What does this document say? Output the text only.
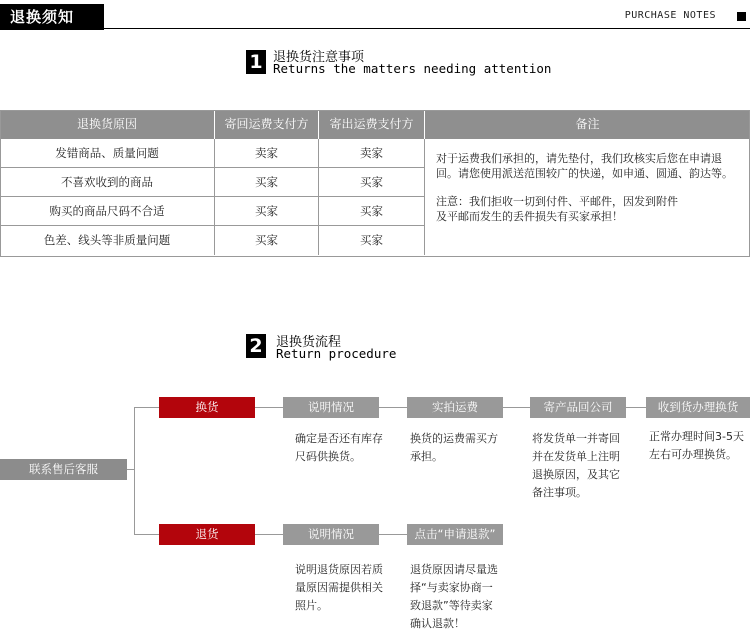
退换须知	PURCHASE NOTES
1 退换货注意事项
Returns the matters needing attention
退换货原因	寄回运费支付方	寄出运费支付方	备注
发错商品、质量问题	卖家	卖家
不喜欢收到的商品	买家	买家
购买的商品尺码不合适	买家	买家
色差、线头等非质量问题	买家	买家

对于运费我们承担的，请先垫付，我们玫核实后您在申请退回。请您使用派送范围较广的快递，如申通、圆通、韵达等。

注意：我们拒收一切到付件、平邮件，因发到附件
及平邮而发生的丢件损失有买家承担！
2 退换货流程
Return procedure
联系售后客服
换货	说明情况	实拍运费	寄产品回公司	收到货办理换货
确定是否还有库存
尺码供换货。
换货的运费需买方
承担。
将发货单一并寄回
并在发货单上注明
退换原因，及其它
备注事项。
正常办理时间3-5天
左右可办理换货。
退货	说明情况	点击“申请退款”
说明退货原因若质
量原因需提供相关
照片。
退货原因请尽量选
择“与卖家协商一
致退款”等待卖家
确认退款！
